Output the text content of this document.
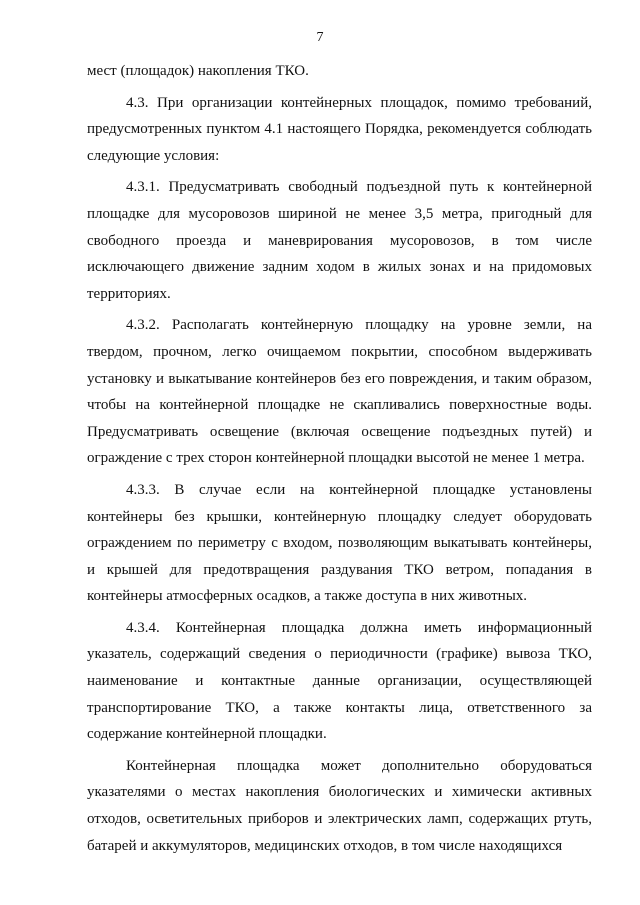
7

мест (площадок) накопления ТКО.

4.3. При организации контейнерных площадок, помимо требований, предусмотренных пунктом 4.1 настоящего Порядка, рекомендуется соблюдать следующие условия:

4.3.1. Предусматривать свободный подъездной путь к контейнерной площадке для мусоровозов шириной не менее 3,5 метра, пригодный для свободного проезда и маневрирования мусоровозов, в том числе исключающего движение задним ходом в жилых зонах и на придомовых территориях.

4.3.2. Располагать контейнерную площадку на уровне земли, на твердом, прочном, легко очищаемом покрытии, способном выдерживать установку и выкатывание контейнеров без его повреждения, и таким образом, чтобы на контейнерной площадке не скапливались поверхностные воды. Предусматривать освещение (включая освещение подъездных путей) и ограждение с трех сторон контейнерной площадки высотой не менее 1 метра.

4.3.3. В случае если на контейнерной площадке установлены контейнеры без крышки, контейнерную площадку следует оборудовать ограждением по периметру с входом, позволяющим выкатывать контейнеры, и крышей для предотвращения раздувания ТКО ветром, попадания в контейнеры атмосферных осадков, а также доступа в них животных.

4.3.4. Контейнерная площадка должна иметь информационный указатель, содержащий сведения о периодичности (графике) вывоза ТКО, наименование и контактные данные организации, осуществляющей транспортирование ТКО, а также контакты лица, ответственного за содержание контейнерной площадки.

Контейнерная площадка может дополнительно оборудоваться указателями о местах накопления биологических и химически активных отходов, осветительных приборов и электрических ламп, содержащих ртуть, батарей и аккумуляторов, медицинских отходов, в том числе находящихся
